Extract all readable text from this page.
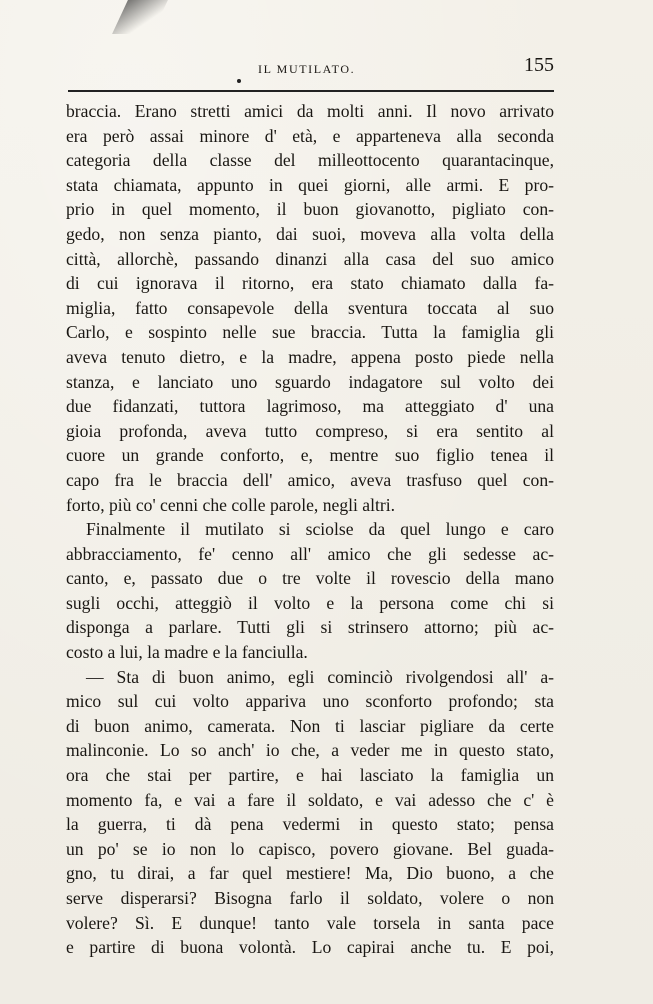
IL MUTILATO.	155
braccia. Erano stretti amici da molti anni. Il novo arrivato
era però assai minore d' età, e apparteneva alla seconda
categoria della classe del milleottocento quarantacinque,
stata chiamata, appunto in quei giorni, alle armi. E pro-
prio in quel momento, il buon giovanotto, pigliato con-
gedo, non senza pianto, dai suoi, moveva alla volta della
città, allorchè, passando dinanzi alla casa del suo amico
di cui ignorava il ritorno, era stato chiamato dalla fa-
miglia, fatto consapevole della sventura toccata al suo
Carlo, e sospinto nelle sue braccia. Tutta la famiglia gli
aveva tenuto dietro, e la madre, appena posto piede nella
stanza, e lanciato uno sguardo indagatore sul volto dei
due fidanzati, tuttora lagrimoso, ma atteggiato d' una
gioia profonda, aveva tutto compreso, si era sentito al
cuore un grande conforto, e, mentre suo figlio tenea il
capo fra le braccia dell' amico, aveva trasfuso quel con-
forto, più co' cenni che colle parole, negli altri.
Finalmente il mutilato si sciolse da quel lungo e caro
abbracciamento, fe' cenno all' amico che gli sedesse ac-
canto, e, passato due o tre volte il rovescio della mano
sugli occhi, atteggiò il volto e la persona come chi si
disponga a parlare. Tutti gli si strinsero attorno; più ac-
costo a lui, la madre e la fanciulla.
— Sta di buon animo, egli cominciò rivolgendosi all' a-
mico sul cui volto appariva uno sconforto profondo; sta
di buon animo, camerata. Non ti lasciar pigliare da certe
malinconie. Lo so anch' io che, a veder me in questo stato,
ora che stai per partire, e hai lasciato la famiglia un
momento fa, e vai a fare il soldato, e vai adesso che c' è
la guerra, ti dà pena vedermi in questo stato; pensa
un po' se io non lo capisco, povero giovane. Bel guada-
gno, tu dirai, a far quel mestiere! Ma, Dio buono, a che
serve disperarsi? Bisogna farlo il soldato, volere o non
volere? Sì. E dunque! tanto vale torsela in santa pace
e partire di buona volontà. Lo capirai anche tu. E poi,
